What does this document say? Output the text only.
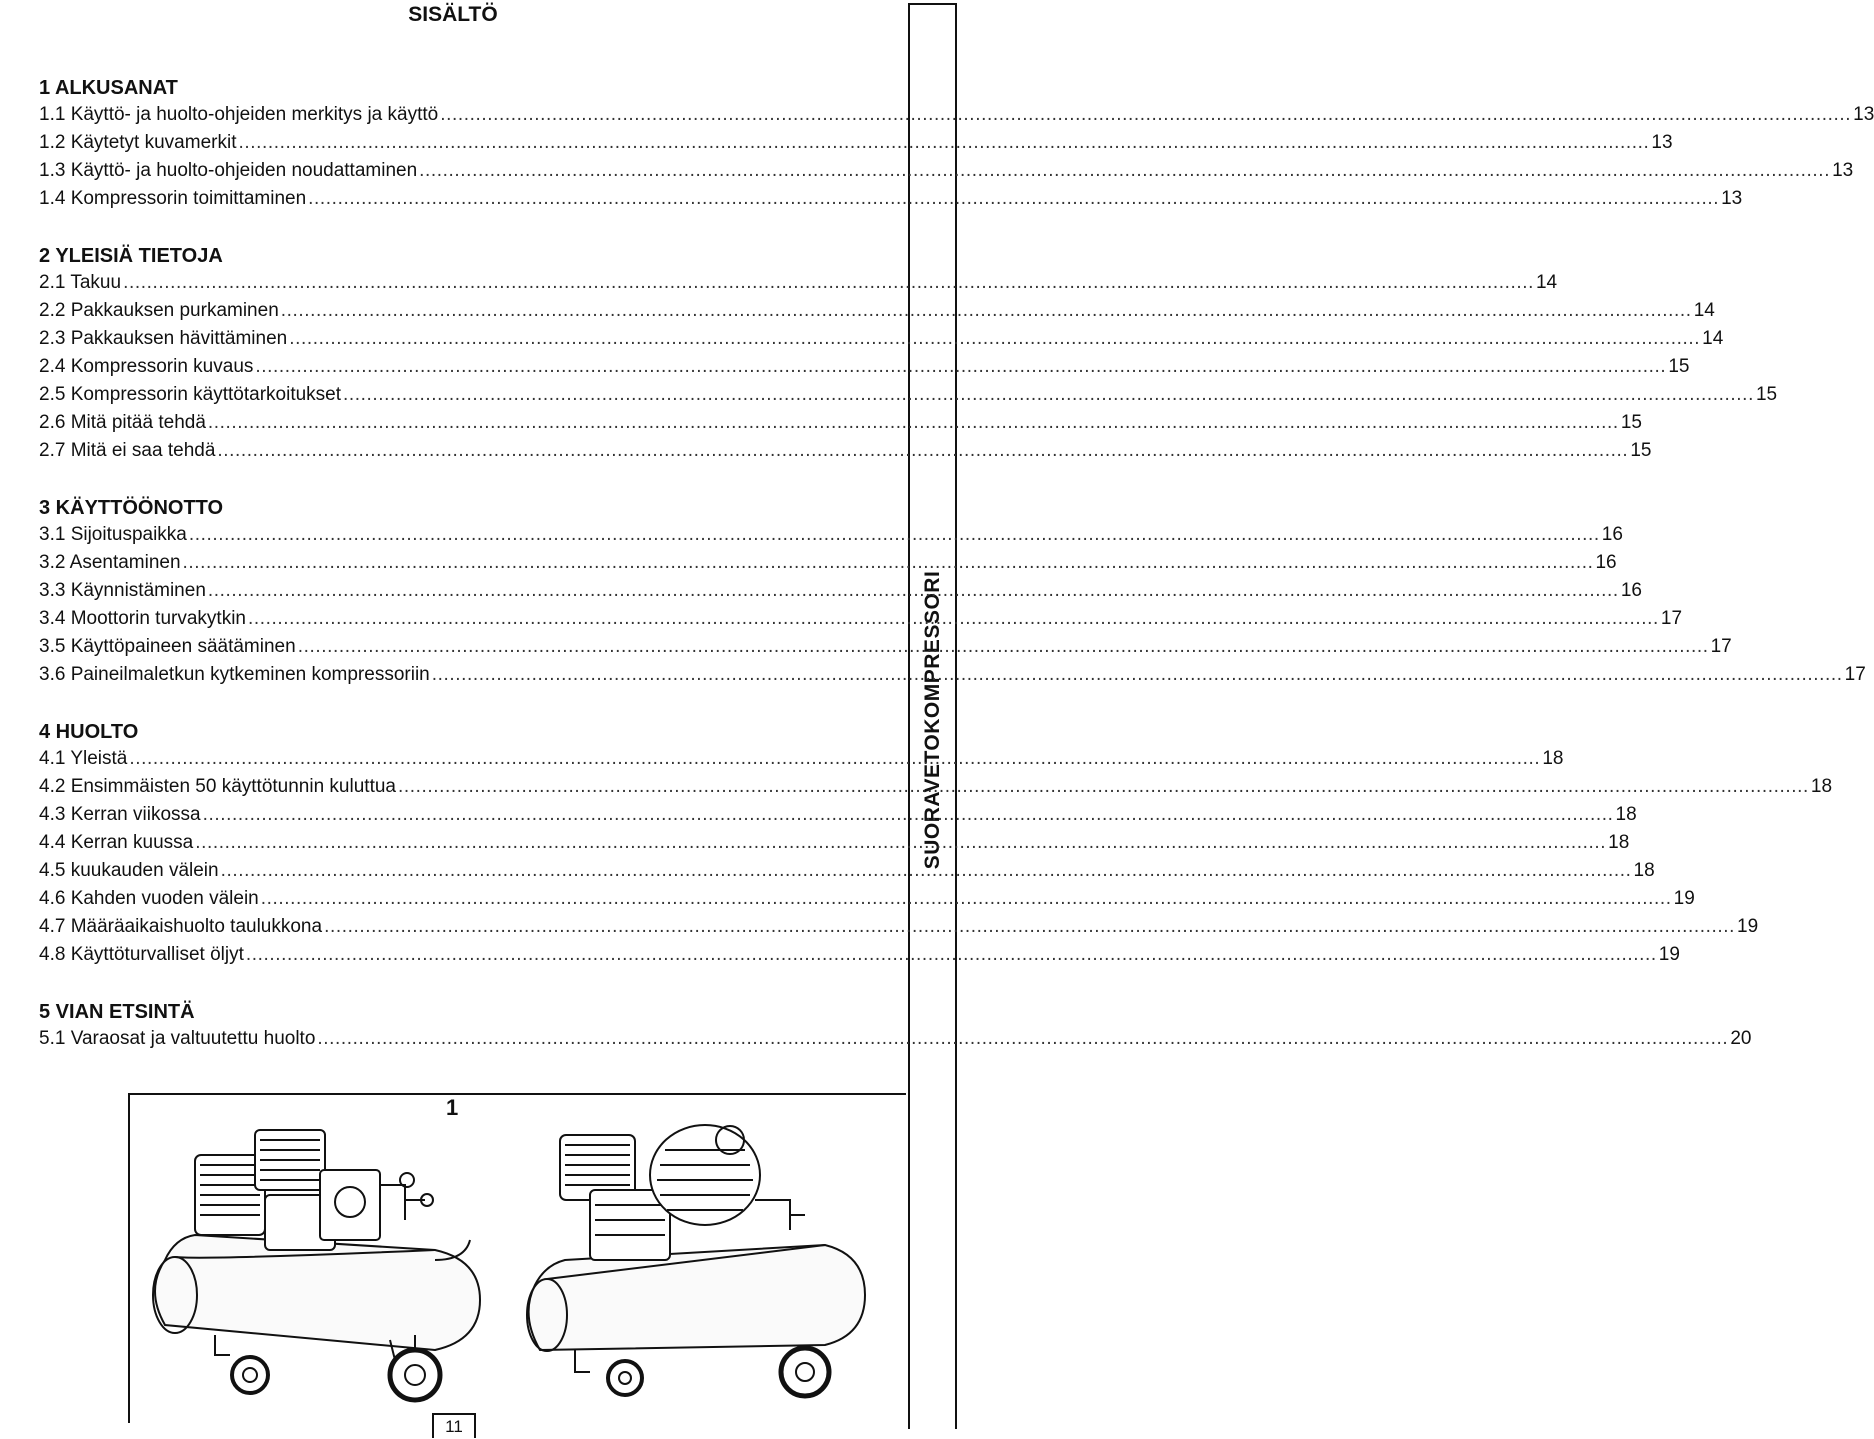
SISÄLTÖ
SUORAVETOKOMPRESSORI
1 ALKUSANAT
1.1 Käyttö- ja huolto-ohjeiden merkitys ja käyttö ................................................................................................................................................................................................................................................ 13
1.2 Käytetyt kuvamerkit ................................................................................................................................................................................................................................................ 13
1.3 Käyttö- ja huolto-ohjeiden noudattaminen ................................................................................................................................................................................................................................................ 13
1.4 Kompressorin toimittaminen ................................................................................................................................................................................................................................................ 13
2 YLEISIÄ TIETOJA
2.1 Takuu ................................................................................................................................................................................................................................................ 14
2.2 Pakkauksen purkaminen ................................................................................................................................................................................................................................................ 14
2.3 Pakkauksen hävittäminen ................................................................................................................................................................................................................................................ 14
2.4 Kompressorin kuvaus ................................................................................................................................................................................................................................................ 15
2.5 Kompressorin käyttötarkoitukset ................................................................................................................................................................................................................................................ 15
2.6 Mitä pitää tehdä ................................................................................................................................................................................................................................................ 15
2.7 Mitä ei saa tehdä ................................................................................................................................................................................................................................................ 15
3 KÄYTTÖÖNOTTO
3.1 Sijoituspaikka ................................................................................................................................................................................................................................................ 16
3.2 Asentaminen ................................................................................................................................................................................................................................................ 16
3.3 Käynnistäminen ................................................................................................................................................................................................................................................ 16
3.4 Moottorin turvakytkin ................................................................................................................................................................................................................................................ 17
3.5 Käyttöpaineen säätäminen ................................................................................................................................................................................................................................................ 17
3.6 Paineilmaletkun kytkeminen kompressoriin ................................................................................................................................................................................................................................................ 17
4 HUOLTO
4.1 Yleistä ................................................................................................................................................................................................................................................ 18
4.2 Ensimmäisten 50 käyttötunnin kuluttua ................................................................................................................................................................................................................................................ 18
4.3 Kerran viikossa ................................................................................................................................................................................................................................................ 18
4.4 Kerran kuussa ................................................................................................................................................................................................................................................ 18
4.5 kuukauden välein ................................................................................................................................................................................................................................................ 18
4.6 Kahden vuoden välein ................................................................................................................................................................................................................................................ 19
4.7 Määräaikaishuolto taulukkona ................................................................................................................................................................................................................................................ 19
4.8 Käyttöturvalliset öljyt ................................................................................................................................................................................................................................................ 19
5 VIAN ETSINTÄ
5.1 Varaosat ja valtuutettu huolto ................................................................................................................................................................................................................................................ 20
1
11
